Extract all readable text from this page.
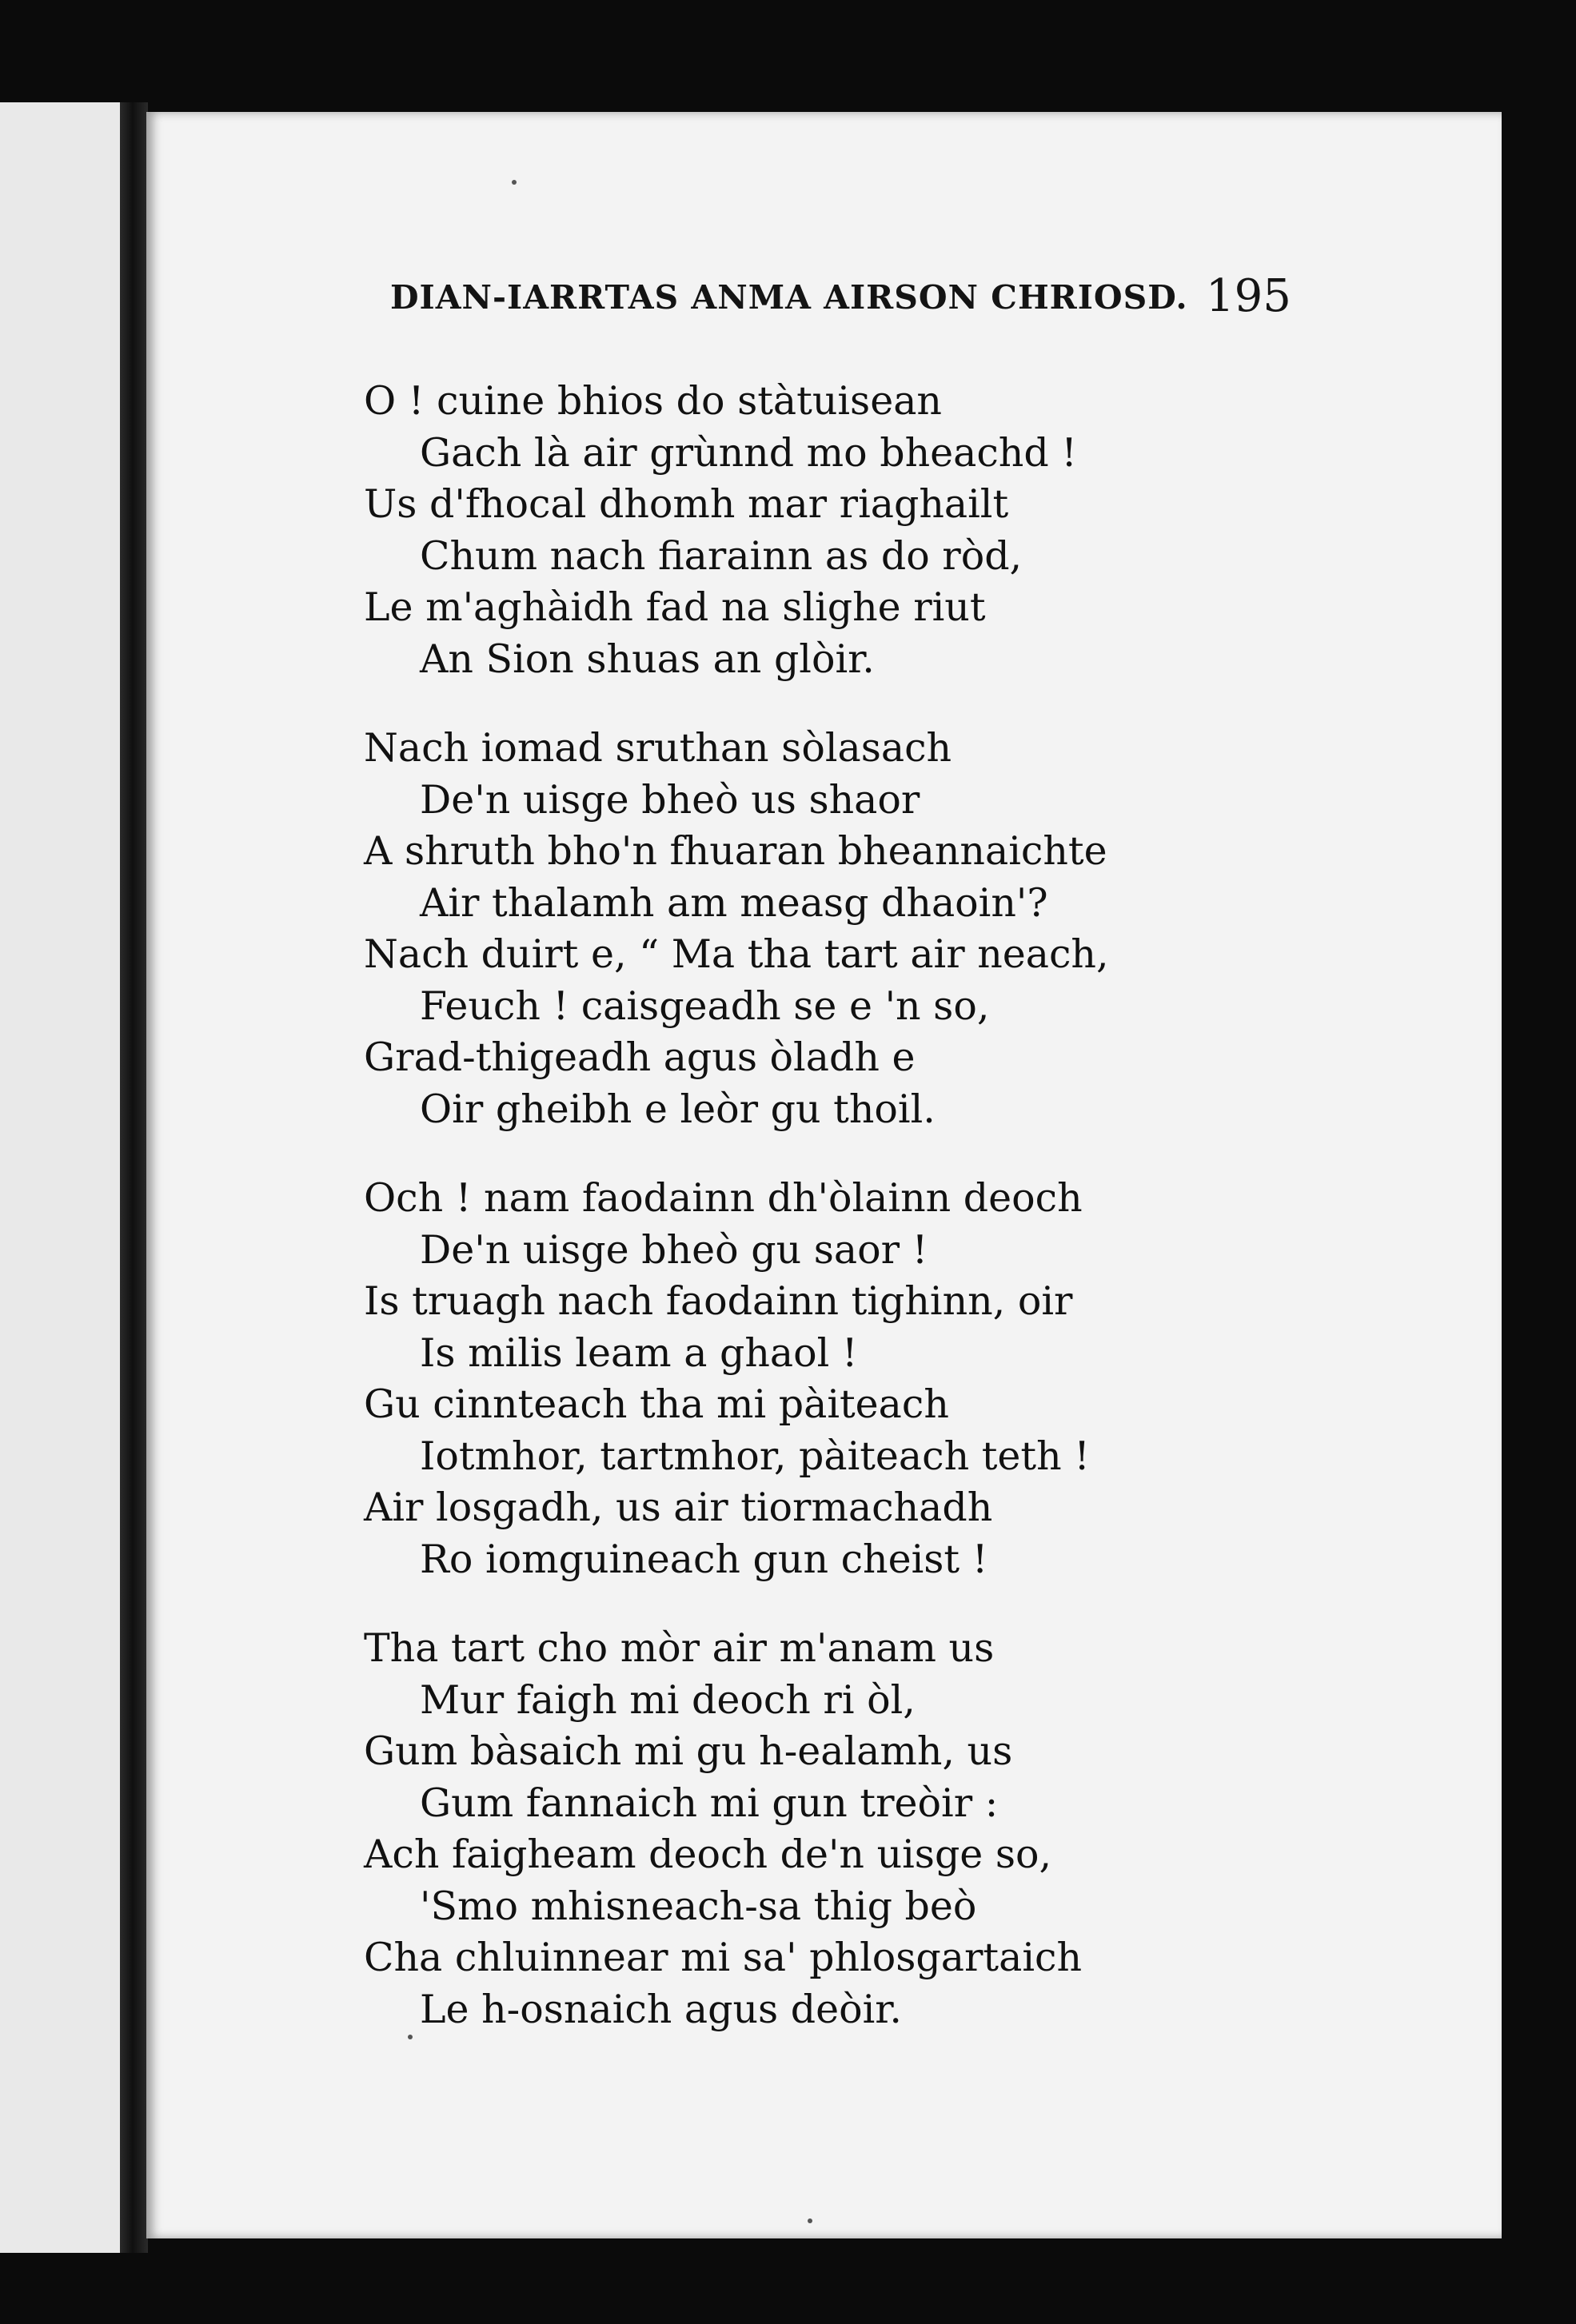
DIAN-IARRTAS ANMA AIRSON CHRIOSD. 195
O ! cuine bhios do stàtuisean
Gach là air grùnnd mo bheachd !
Us d'fhocal dhomh mar riaghailt
Chum nach fiarainn as do ròd,
Le m'aghàidh fad na slighe riut
An Sion shuas an glòir.
Nach iomad sruthan sòlasach
De'n uisge bheò us shaor
A shruth bho'n fhuaran bheannaichte
Air thalamh am measg dhaoin'?
Nach duirt e, “ Ma tha tart air neach,
Feuch ! caisgeadh se e 'n so,
Grad-thigeadh agus òladh e
Oir gheibh e leòr gu thoil.
Och ! nam faodainn dh'òlainn deoch
De'n uisge bheò gu saor !
Is truagh nach faodainn tighinn, oir
Is milis leam a ghaol !
Gu cinnteach tha mi pàiteach
Iotmhor, tartmhor, pàiteach teth !
Air losgadh, us air tiormachadh
Ro iomguineach gun cheist !
Tha tart cho mòr air m'anam us
Mur faigh mi deoch ri òl,
Gum bàsaich mi gu h-ealamh, us
Gum fannaich mi gun treòir :
Ach faigheam deoch de'n uisge so,
'Smo mhisneach-sa thig beò
Cha chluinnear mi sa' phlosgartaich
Le h-osnaich agus deòir.
